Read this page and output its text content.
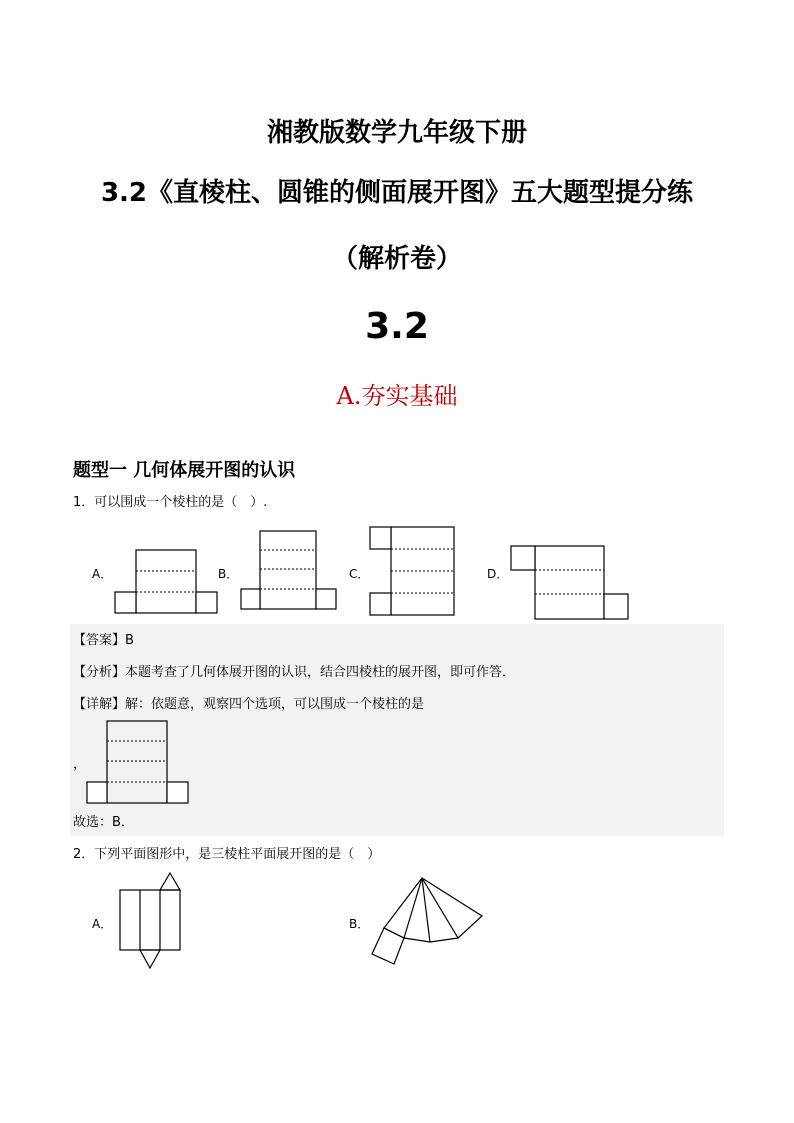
湘教版数学九年级下册
3.2《直棱柱、圆锥的侧面展开图》五大题型提分练
（解析卷）
3.2
A.夯实基础
题型一 几何体展开图的认识
1．可以围成一个棱柱的是（　）.
A．	B．	C．	D．
【答案】B
【分析】本题考查了几何体展开图的认识，结合四棱柱的展开图，即可作答．
【详解】解：依题意，观察四个选项，可以围成一个棱柱的是
，
故选：B．
2．下列平面图形中，是三棱柱平面展开图的是（　）
A．	B．
